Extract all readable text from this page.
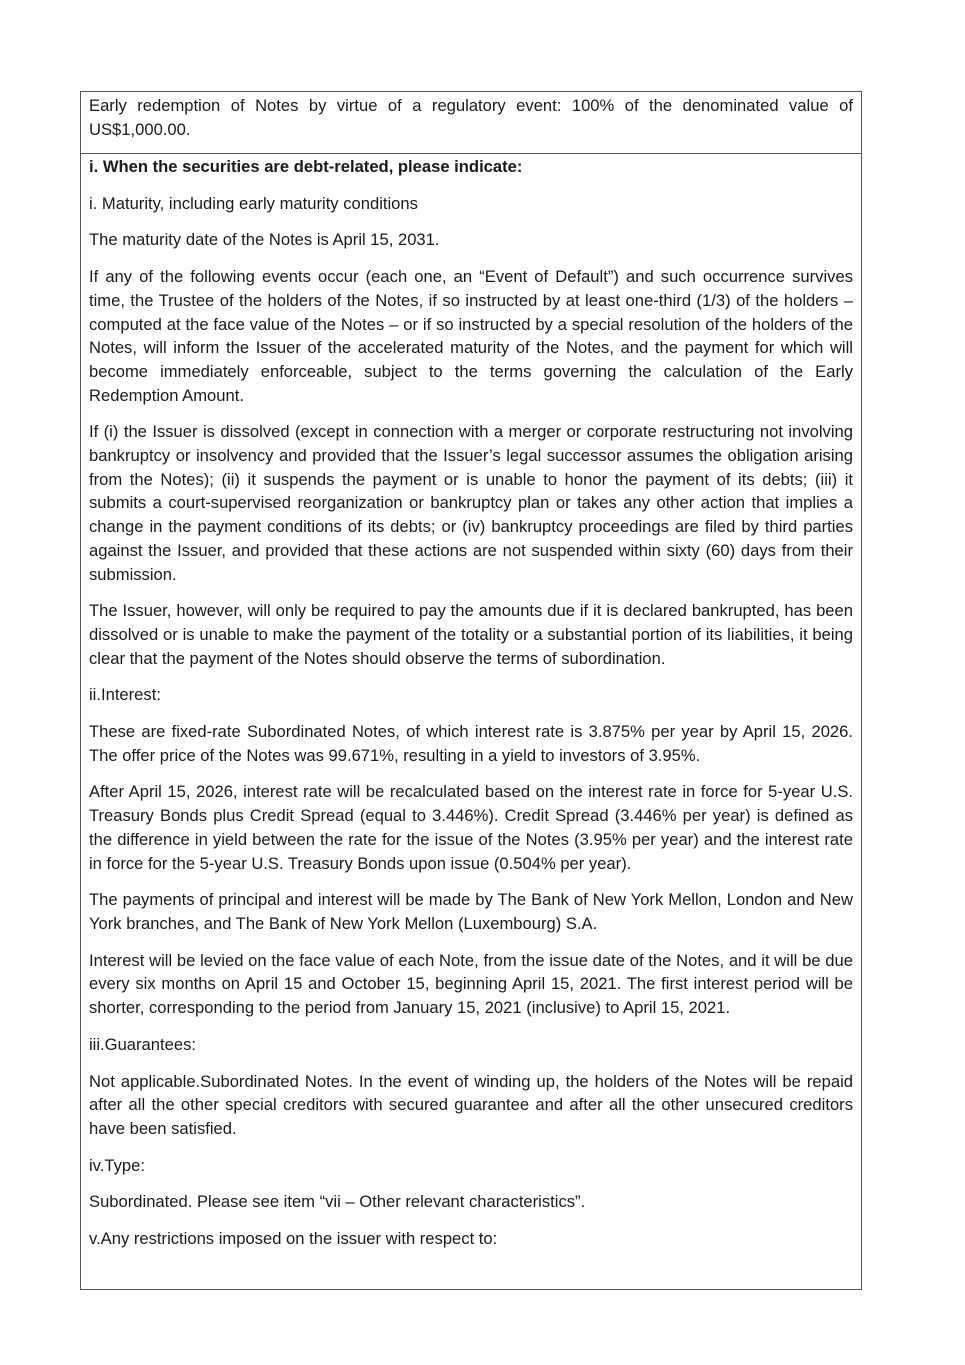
Early redemption of Notes by virtue of a regulatory event: 100% of the denominated value of US$1,000.00.

i. When the securities are debt-related, please indicate:

i. Maturity, including early maturity conditions

The maturity date of the Notes is April 15, 2031.

If any of the following events occur (each one, an “Event of Default”) and such occurrence survives time, the Trustee of the holders of the Notes, if so instructed by at least one-third (1/3) of the holders – computed at the face value of the Notes – or if so instructed by a special resolution of the holders of the Notes, will inform the Issuer of the accelerated maturity of the Notes, and the payment for which will become immediately enforceable, subject to the terms governing the calculation of the Early Redemption Amount.

If (i) the Issuer is dissolved (except in connection with a merger or corporate restructuring not involving bankruptcy or insolvency and provided that the Issuer’s legal successor assumes the obligation arising from the Notes); (ii) it suspends the payment or is unable to honor the payment of its debts; (iii) it submits a court-supervised reorganization or bankruptcy plan or takes any other action that implies a change in the payment conditions of its debts; or (iv) bankruptcy proceedings are filed by third parties against the Issuer, and provided that these actions are not suspended within sixty (60) days from their submission.

The Issuer, however, will only be required to pay the amounts due if it is declared bankrupted, has been dissolved or is unable to make the payment of the totality or a substantial portion of its liabilities, it being clear that the payment of the Notes should observe the terms of subordination.

ii.Interest:

These are fixed-rate Subordinated Notes, of which interest rate is 3.875% per year by April 15, 2026. The offer price of the Notes was 99.671%, resulting in a yield to investors of 3.95%.

After April 15, 2026, interest rate will be recalculated based on the interest rate in force for 5-year U.S. Treasury Bonds plus Credit Spread (equal to 3.446%). Credit Spread (3.446% per year) is defined as the difference in yield between the rate for the issue of the Notes (3.95% per year) and the interest rate in force for the 5-year U.S. Treasury Bonds upon issue (0.504% per year).

The payments of principal and interest will be made by The Bank of New York Mellon, London and New York branches, and The Bank of New York Mellon (Luxembourg) S.A.

Interest will be levied on the face value of each Note, from the issue date of the Notes, and it will be due every six months on April 15 and October 15, beginning April 15, 2021. The first interest period will be shorter, corresponding to the period from January 15, 2021 (inclusive) to April 15, 2021.

iii.Guarantees:

Not applicable.Subordinated Notes. In the event of winding up, the holders of the Notes will be repaid after all the other special creditors with secured guarantee and after all the other unsecured creditors have been satisfied.

iv.Type:

Subordinated. Please see item “vii – Other relevant characteristics”.

v.Any restrictions imposed on the issuer with respect to:
